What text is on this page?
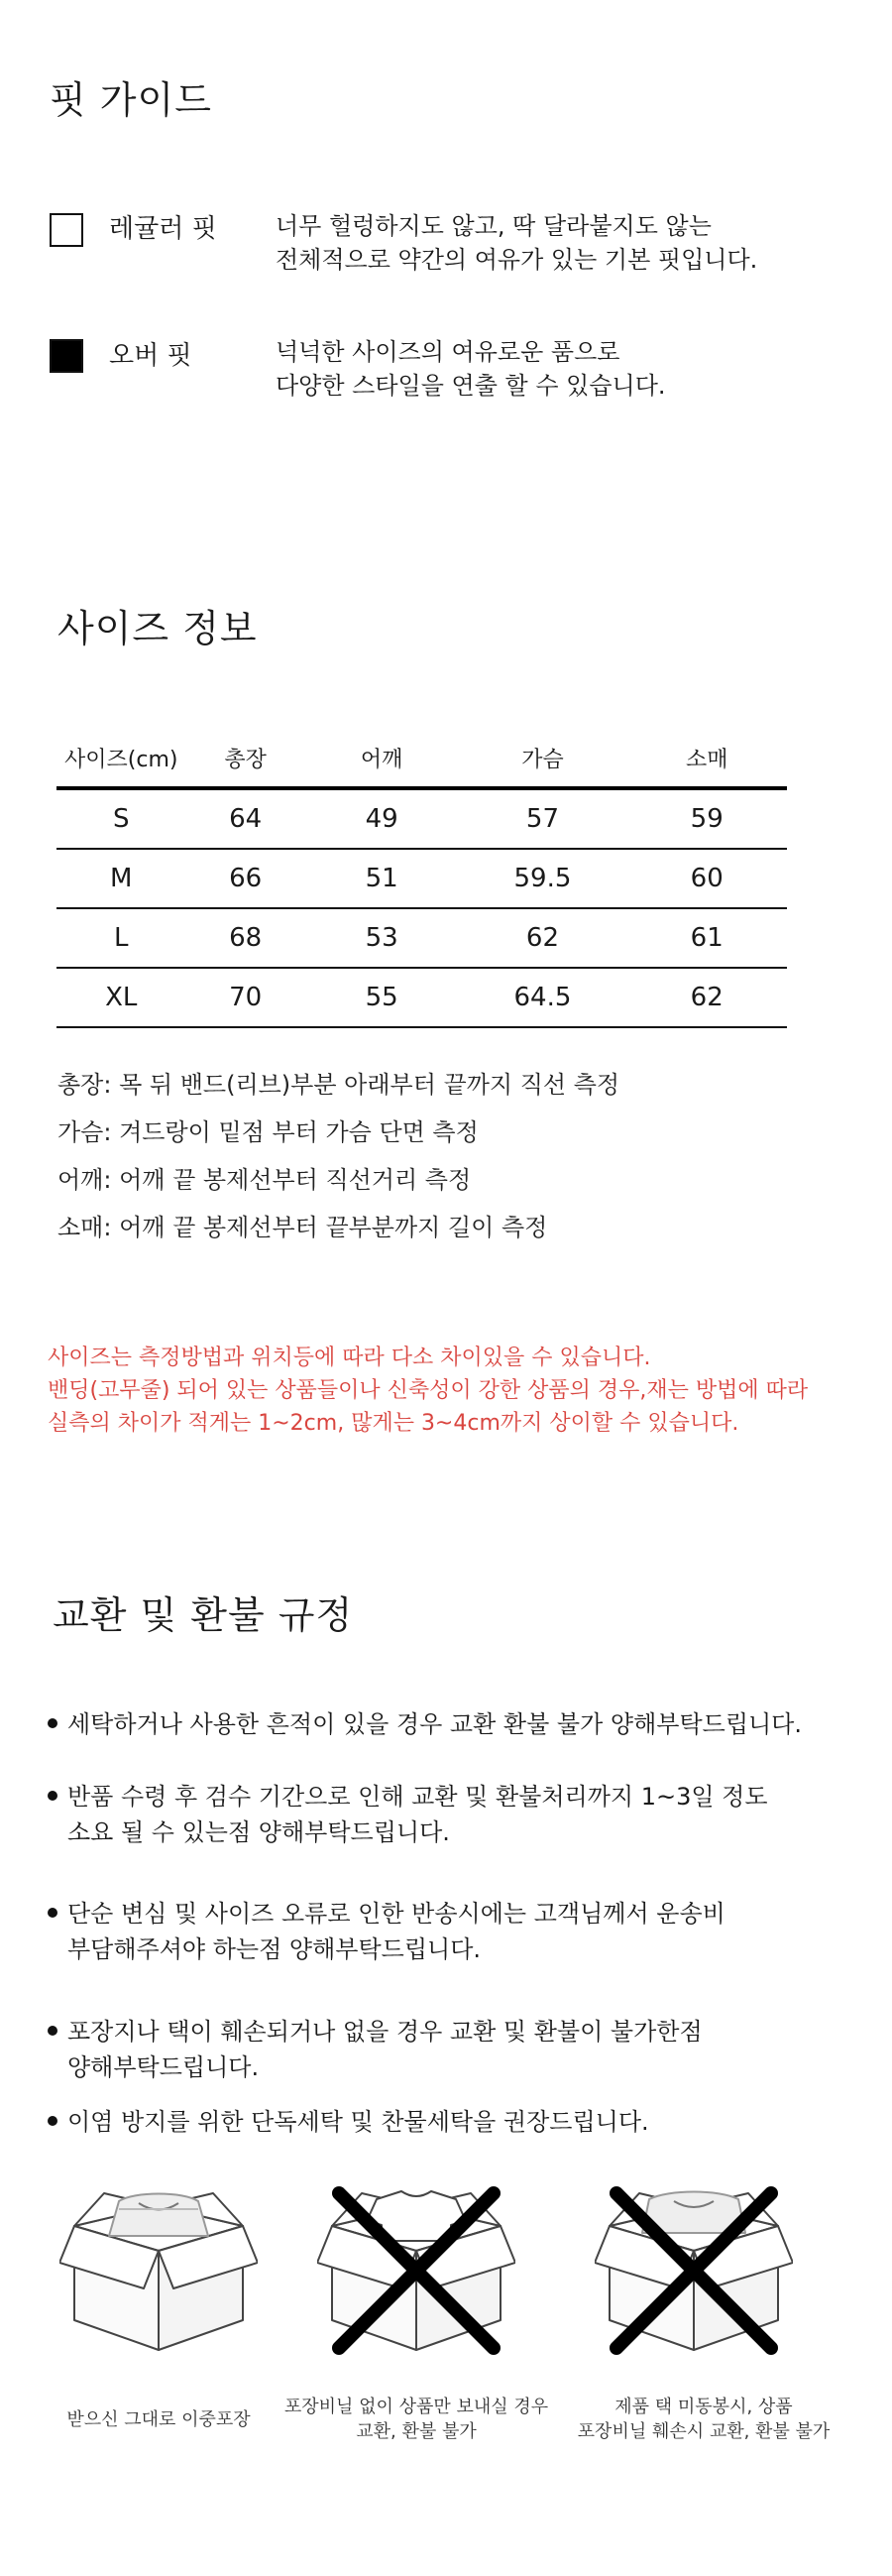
핏 가이드
레귤러 핏 너무 헐렁하지도 않고, 딱 달라붙지도 않는
전체적으로 약간의 여유가 있는 기본 핏입니다.
오버 핏	넉넉한 사이즈의 여유로운 품으로
다양한 스타일을 연출 할 수 있습니다.
사이즈 정보
사이즈(cm)	총장	어깨	가슴	소매
S	64	49	57	59
M	66	51	59.5	60
L	68	53	62	61
XL	70	55	64.5	62
총장: 목 뒤 밴드(리브)부분 아래부터 끝까지 직선 측정
가슴: 겨드랑이 밑점 부터 가슴 단면 측정
어깨: 어깨 끝 봉제선부터 직선거리 측정
소매: 어깨 끝 봉제선부터 끝부분까지 길이 측정
사이즈는 측정방법과 위치등에 따라 다소 차이있을 수 있습니다.
밴딩(고무줄) 되어 있는 상품들이나 신축성이 강한 상품의 경우,재는 방법에 따라
실측의 차이가 적게는 1~2cm, 많게는 3~4cm까지 상이할 수 있습니다.
교환 및 환불 규정
세탁하거나 사용한 흔적이 있을 경우 교환 환불 불가 양해부탁드립니다.
반품 수령 후 검수 기간으로 인해 교환 및 환불처리까지 1~3일 정도
소요 될 수 있는점 양해부탁드립니다.
단순 변심 및 사이즈 오류로 인한 반송시에는 고객님께서 운송비
부담해주셔야 하는점 양해부탁드립니다.
포장지나 택이 훼손되거나 없을 경우 교환 및 환불이 불가한점
양해부탁드립니다.
이염 방지를 위한 단독세탁 및 찬물세탁을 권장드립니다.
받으신 그대로 이중포장
포장비닐 없이 상품만 보내실 경우
교환, 환불 불가
제품 택 미동봉시, 상품
포장비닐 훼손시 교환, 환불 불가
